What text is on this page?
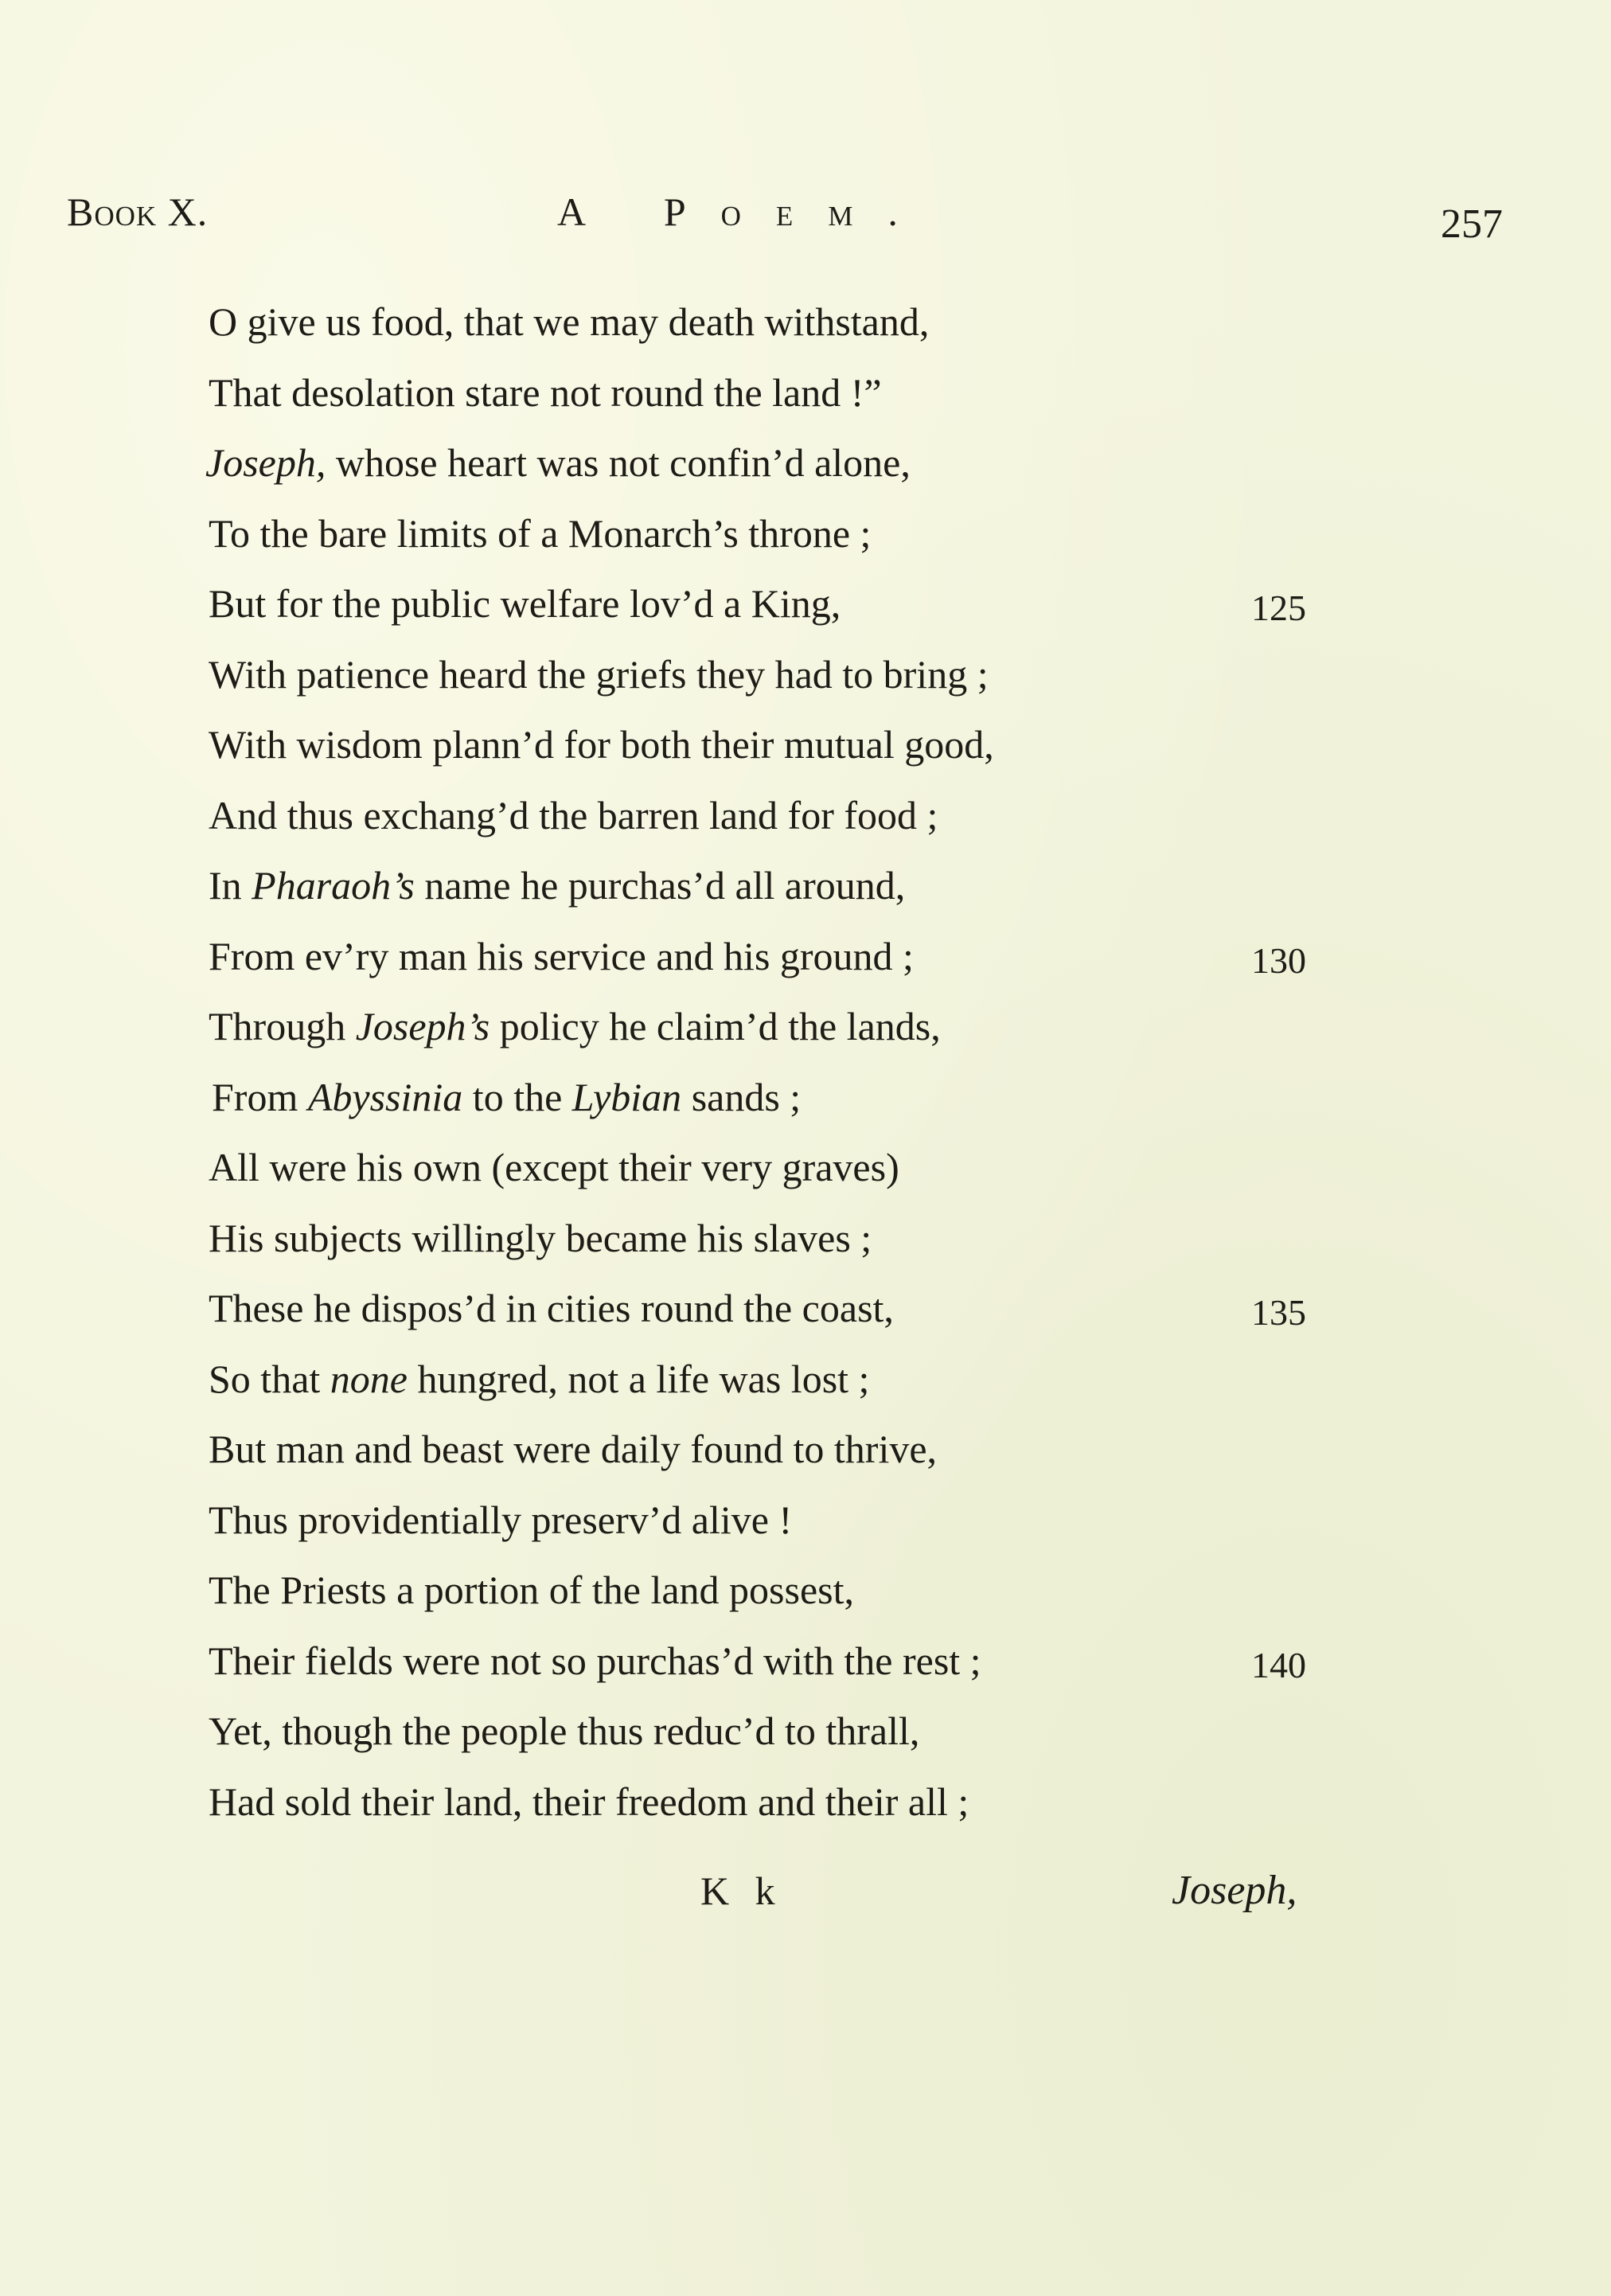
Book X.	A Poem.	257
O give us food, that we may death withstand,
That desolation stare not round the land !”
Joseph, whose heart was not confin’d alone,
To the bare limits of a Monarch’s throne ;
But for the public welfare lov’d a King,	125
With patience heard the griefs they had to bring ;
With wisdom plann’d for both their mutual good,
And thus exchang’d the barren land for food ;
In Pharaoh’s name he purchas’d all around,
From ev’ry man his service and his ground ;	130
Through Joseph’s policy he claim’d the lands,
From Abyssinia to the Lybian sands ;
All were his own (except their very graves)
His subjects willingly became his slaves ;
These he dispos’d in cities round the coast,	135
So that none hungred, not a life was lost ;
But man and beast were daily found to thrive,
Thus providentially preserv’d alive !
The Priests a portion of the land possest,
Their fields were not so purchas’d with the rest ;	140
Yet, though the people thus reduc’d to thrall,
Had sold their land, their freedom and their all ;
K k	Joseph,
